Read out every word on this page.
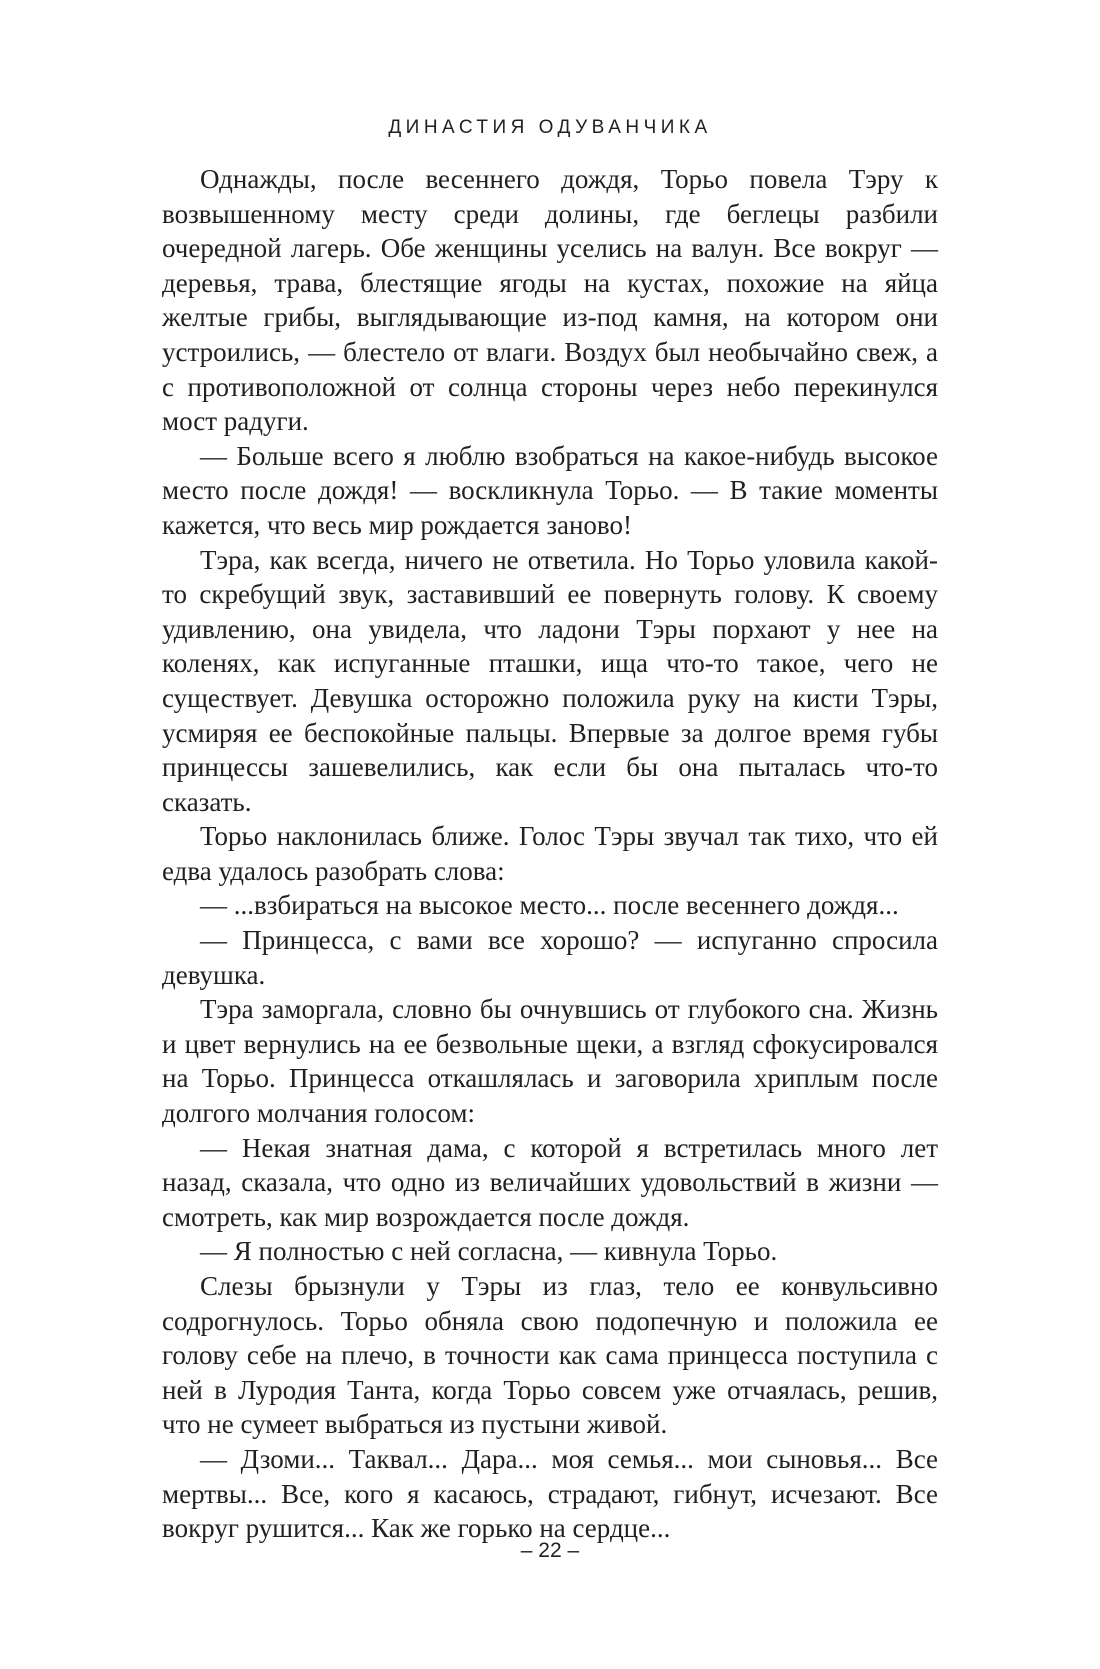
ДИНАСТИЯ ОДУВАНЧИКА

Однажды, после весеннего дождя, Торьо повела Тэру к возвышенному месту среди долины, где беглецы разбили очередной лагерь. Обе женщины уселись на валун. Все вокруг — деревья, трава, блестящие ягоды на кустах, похожие на яйца желтые грибы, выглядывающие из-под камня, на котором они устроились, — блестело от влаги. Воздух был необычайно свеж, а с противоположной от солнца стороны через небо перекинулся мост радуги.

— Больше всего я люблю взобраться на какое-нибудь высокое место после дождя! — воскликнула Торьо. — В такие моменты кажется, что весь мир рождается заново!

Тэра, как всегда, ничего не ответила. Но Торьо уловила какой-то скребущий звук, заставивший ее повернуть голову. К своему удивлению, она увидела, что ладони Тэры порхают у нее на коленях, как испуганные пташки, ища что-то такое, чего не существует. Девушка осторожно положила руку на кисти Тэры, усмиряя ее беспокойные пальцы. Впервые за долгое время губы принцессы зашевелились, как если бы она пыталась что-то сказать.

Торьо наклонилась ближе. Голос Тэры звучал так тихо, что ей едва удалось разобрать слова:

— ...взбираться на высокое место... после весеннего дождя...

— Принцесса, с вами все хорошо? — испуганно спросила девушка.

Тэра заморгала, словно бы очнувшись от глубокого сна. Жизнь и цвет вернулись на ее безвольные щеки, а взгляд сфокусировался на Торьо. Принцесса откашлялась и заговорила хриплым после долгого молчания голосом:

— Некая знатная дама, с которой я встретилась много лет назад, сказала, что одно из величайших удовольствий в жизни — смотреть, как мир возрождается после дождя.

— Я полностью с ней согласна, — кивнула Торьо.

Слезы брызнули у Тэры из глаз, тело ее конвульсивно содрогнулось. Торьо обняла свою подопечную и положила ее голову себе на плечо, в точности как сама принцесса поступила с ней в Луродия Танта, когда Торьо совсем уже отчаялась, решив, что не сумеет выбраться из пустыни живой.

— Дзоми... Таквал... Дара... моя семья... мои сыновья... Все мертвы... Все, кого я касаюсь, страдают, гибнут, исчезают. Все вокруг рушится... Как же горько на сердце...

– 22 –
